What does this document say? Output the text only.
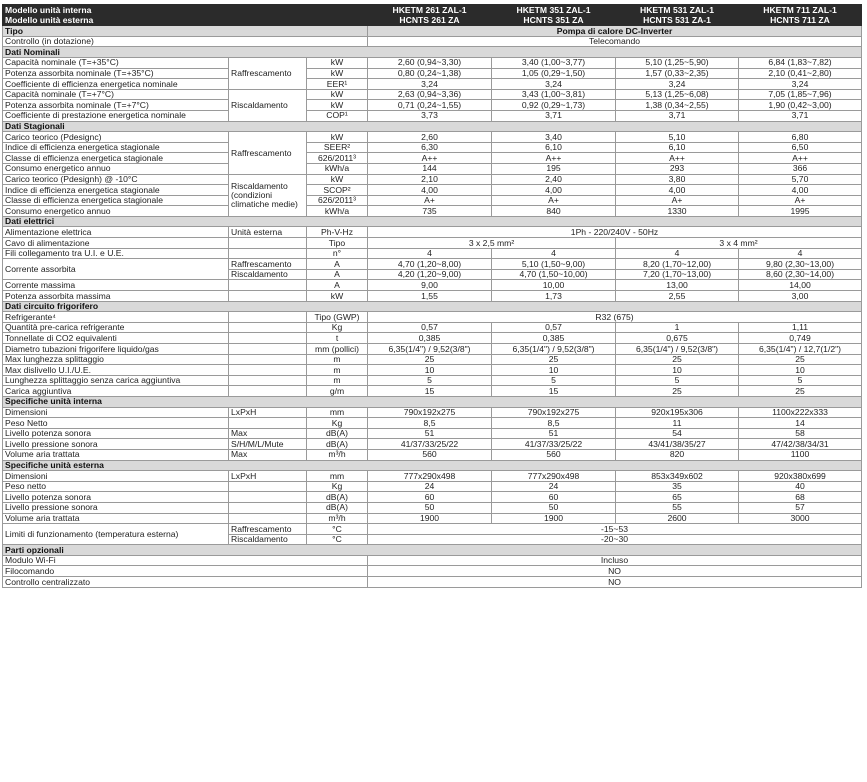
Modello unità interna			HKETM 261 ZAL-1	HKETM 351 ZAL-1	HKETM 531 ZAL-1	HKETM 711 ZAL-1
Modello unità esterna			HCNTS 261 ZA	HCNTS 351 ZA	HCNTS 531 ZA-1	HCNTS 711 ZA
Tipo			Pompa di calore DC-Inverter			
Controllo (in dotazione)			Telecomando			
Dati Nominali						
Capacità nominale (T=+35°C)	Raffrescamento	kW	2,60 (0,94~3,30)	3,40 (1,00~3,77)	5,10 (1,25~5,90)	6,84 (1,83~7,82)
Potenza assorbita nominale (T=+35°C)		kW	0,80 (0,24~1,38)	1,05 (0,29~1,50)	1,57 (0,33~2,35)	2,10 (0,41~2,80)
Coefficiente di efficienza energetica nominale		EER¹	3,24	3,24	3,24	3,24
Capacità nominale (T=+7°C)	Riscaldamento	kW	2,63 (0,94~3,36)	3,43 (1,00~3,81)	5,13 (1,25~6,08)	7,05 (1,85~7,96)
Potenza assorbita nominale (T=+7°C)		kW	0,71 (0,24~1,55)	0,92 (0,29~1,73)	1,38 (0,34~2,55)	1,90 (0,42~3,00)
Coefficiente di prestazione energetica nominale		COP¹	3,73	3,71	3,71	3,71
Dati Stagionali						
Carico teorico (Pdesignc)	Raffrescamento	kW	2,60	3,40	5,10	6,80
Indice di efficienza energetica stagionale		SEER²	6,30	6,10	6,10	6,50
Classe di efficienza energetica stagionale		626/2011³	A++	A++	A++	A++
Consumo energetico annuo		kWh/a	144	195	293	366
Carico teorico (Pdesignh) @ -10°C	Riscaldamento (condizioni climatiche medie)	kW	2,10	2,40	3,80	5,70
Indice di efficienza energetica stagionale		SCOP²	4,00	4,00	4,00	4,00
Classe di efficienza energetica stagionale		626/2011³	A+	A+	A+	A+
Consumo energetico annuo		kWh/a	735	840	1330	1995
Dati elettrici						
Alimentazione elettrica	Unità esterna	Ph-V-Hz	1Ph - 220/240V - 50Hz			
Cavo di alimentazione		Tipo	3 x 2,5 mm²		3 x 4 mm²	
Fili collegamento tra U.I. e U.E.		n°	4	4	4	4
Corrente assorbita	Raffrescamento	A	4,70 (1,20~8,00)	5,10 (1,50~9,00)	8,20 (1,70~12,00)	9,80 (2,30~13,00)
	Riscaldamento	A	4,20 (1,20~9,00)	4,70 (1,50~10,00)	7,20 (1,70~13,00)	8,60 (2,30~14,00)
Corrente massima		A	9,00	10,00	13,00	14,00
Potenza assorbita massima		kW	1,55	1,73	2,55	3,00
Dati circuito frigorifero						
Refrigerante⁴		Tipo (GWP)	R32 (675)			
Quantità pre-carica refrigerante		Kg	0,57	0,57	1	1,11
Tonnellate di CO2 equivalenti		t	0,385	0,385	0,675	0,749
Diametro tubazioni frigorifere liquido/gas		mm (pollici)	6,35(1/4") / 9,52(3/8")	6,35(1/4") / 9,52(3/8")	6,35(1/4") / 9,52(3/8")	6,35(1/4") / 12,7(1/2")
Max lunghezza splittaggio		m	25	25	25	25
Max dislivello U.I./U.E.		m	10	10	10	10
Lunghezza splittaggio senza carica aggiuntiva		m	5	5	5	5
Carica aggiuntiva		g/m	15	15	25	25
Specifiche unità interna						
Dimensioni	LxPxH	mm	790x192x275	790x192x275	920x195x306	1100x222x333
Peso Netto		Kg	8,5	8,5	11	14
Livello potenza sonora	Max	dB(A)	51	51	54	58
Livello pressione sonora	S/H/M/L/Mute	dB(A)	41/37/33/25/22	41/37/33/25/22	43/41/38/35/27	47/42/38/34/31
Volume aria trattata	Max	m³/h	560	560	820	1100
Specifiche unità esterna						
Dimensioni	LxPxH	mm	777x290x498	777x290x498	853x349x602	920x380x699
Peso netto		Kg	24	24	35	40
Livello potenza sonora		dB(A)	60	60	65	68
Livello pressione sonora		dB(A)	50	50	55	57
Volume aria trattata		m³/h	1900	1900	2600	3000
Limiti di funzionamento (temperatura esterna)	Raffrescamento	°C	-15~53			
	Riscaldamento	°C	-20~30			
Parti opzionali						
Modulo Wi-Fi			Incluso			
Filocomando			NO			
Controllo centralizzato			NO			
